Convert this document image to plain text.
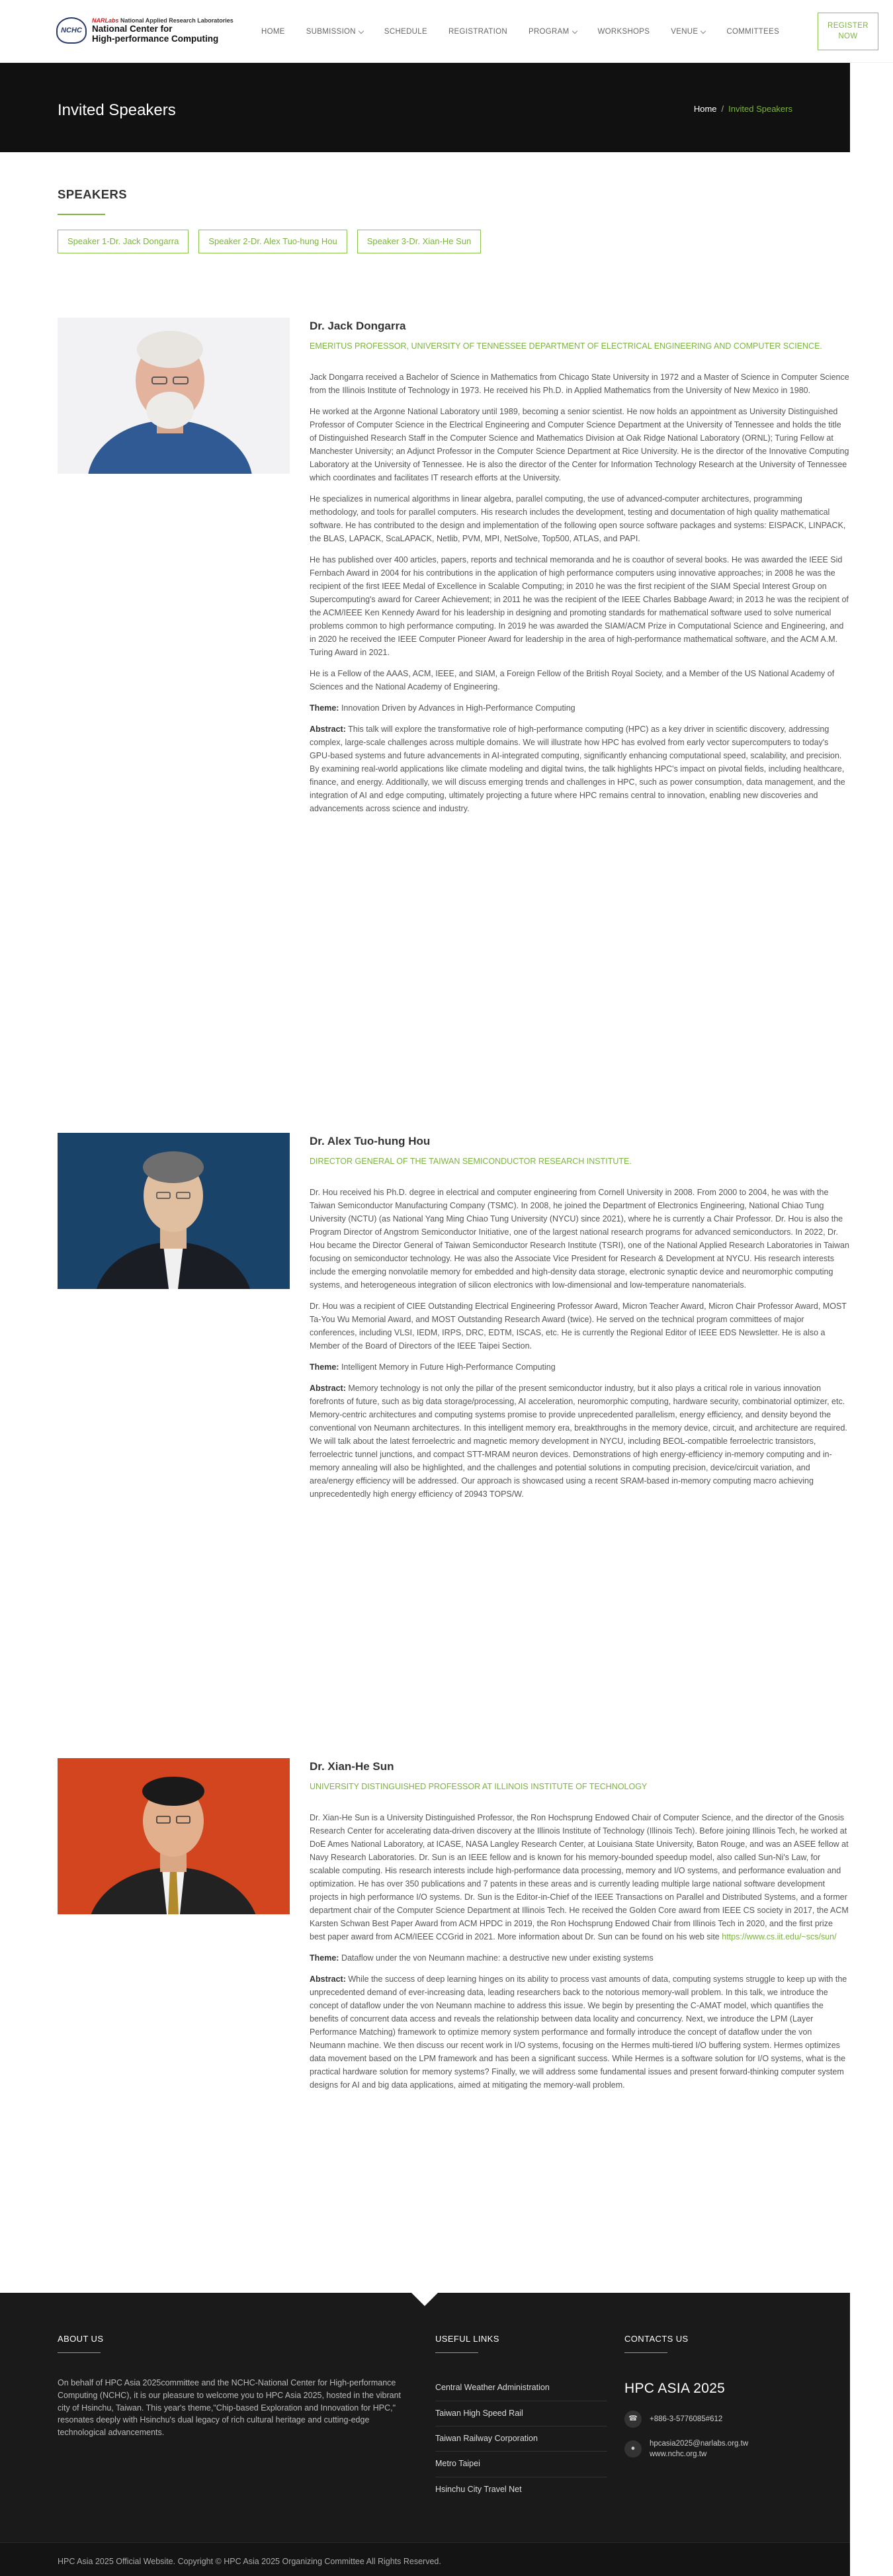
NCHC
NARLabs National Applied Research Laboratories
National Center for
High-performance Computing
HOME	SUBMISSION	SCHEDULE	REGISTRATION	PROGRAM	WORKSHOPS	VENUE	COMMITTEES
REGISTER
NOW
Invited Speakers	Home / Invited Speakers
SPEAKERS
Speaker 1-Dr. Jack Dongarra	Speaker 2-Dr. Alex Tuo-hung Hou	Speaker 3-Dr. Xian-He Sun
Dr. Jack Dongarra
EMERITUS PROFESSOR, UNIVERSITY OF TENNESSEE DEPARTMENT OF ELECTRICAL ENGINEERING AND COMPUTER SCIENCE.

Jack Dongarra received a Bachelor of Science in Mathematics from Chicago State University in 1972 and a Master of Science in Computer Science from the Illinois Institute of Technology in 1973. He received his Ph.D. in Applied Mathematics from the University of New Mexico in 1980.

He worked at the Argonne National Laboratory until 1989, becoming a senior scientist. He now holds an appointment as University Distinguished Professor of Computer Science in the Electrical Engineering and Computer Science Department at the University of Tennessee and holds the title of Distinguished Research Staff in the Computer Science and Mathematics Division at Oak Ridge National Laboratory (ORNL); Turing Fellow at Manchester University; an Adjunct Professor in the Computer Science Department at Rice University. He is the director of the Innovative Computing Laboratory at the University of Tennessee. He is also the director of the Center for Information Technology Research at the University of Tennessee which coordinates and facilitates IT research efforts at the University.

He specializes in numerical algorithms in linear algebra, parallel computing, the use of advanced-computer architectures, programming methodology, and tools for parallel computers. His research includes the development, testing and documentation of high quality mathematical software. He has contributed to the design and implementation of the following open source software packages and systems: EISPACK, LINPACK, the BLAS, LAPACK, ScaLAPACK, Netlib, PVM, MPI, NetSolve, Top500, ATLAS, and PAPI.

He has published over 400 articles, papers, reports and technical memoranda and he is coauthor of several books. He was awarded the IEEE Sid Fernbach Award in 2004 for his contributions in the application of high performance computers using innovative approaches; in 2008 he was the recipient of the first IEEE Medal of Excellence in Scalable Computing; in 2010 he was the first recipient of the SIAM Special Interest Group on Supercomputing's award for Career Achievement; in 2011 he was the recipient of the IEEE Charles Babbage Award; in 2013 he was the recipient of the ACM/IEEE Ken Kennedy Award for his leadership in designing and promoting standards for mathematical software used to solve numerical problems common to high performance computing. In 2019 he was awarded the SIAM/ACM Prize in Computational Science and Engineering, and in 2020 he received the IEEE Computer Pioneer Award for leadership in the area of high-performance mathematical software, and the ACM A.M. Turing Award in 2021.

He is a Fellow of the AAAS, ACM, IEEE, and SIAM, a Foreign Fellow of the British Royal Society, and a Member of the US National Academy of Sciences and the National Academy of Engineering.

Theme: Innovation Driven by Advances in High-Performance Computing

Abstract: This talk will explore the transformative role of high-performance computing (HPC) as a key driver in scientific discovery, addressing complex, large-scale challenges across multiple domains. We will illustrate how HPC has evolved from early vector supercomputers to today's GPU-based systems and future advancements in AI-integrated computing, significantly enhancing computational speed, scalability, and precision. By examining real-world applications like climate modeling and digital twins, the talk highlights HPC's impact on pivotal fields, including healthcare, finance, and energy. Additionally, we will discuss emerging trends and challenges in HPC, such as power consumption, data management, and the integration of AI and edge computing, ultimately projecting a future where HPC remains central to innovation, enabling new discoveries and advancements across science and industry.

Dr. Alex Tuo-hung Hou
DIRECTOR GENERAL OF THE TAIWAN SEMICONDUCTOR RESEARCH INSTITUTE.

Dr. Hou received his Ph.D. degree in electrical and computer engineering from Cornell University in 2008. From 2000 to 2004, he was with the Taiwan Semiconductor Manufacturing Company (TSMC). In 2008, he joined the Department of Electronics Engineering, National Chiao Tung University (NCTU) (as National Yang Ming Chiao Tung University (NYCU) since 2021), where he is currently a Chair Professor. Dr. Hou is also the Program Director of Angstrom Semiconductor Initiative, one of the largest national research programs for advanced semiconductors. In 2022, Dr. Hou became the Director General of Taiwan Semiconductor Research Institute (TSRI), one of the National Applied Research Laboratories in Taiwan focusing on semiconductor technology. He was also the Associate Vice President for Research & Development at NYCU. His research interests include the emerging nonvolatile memory for embedded and high-density data storage, electronic synaptic device and neuromorphic computing systems, and heterogeneous integration of silicon electronics with low-dimensional and low-temperature nanomaterials.

Dr. Hou was a recipient of CIEE Outstanding Electrical Engineering Professor Award, Micron Teacher Award, Micron Chair Professor Award, MOST Ta-You Wu Memorial Award, and MOST Outstanding Research Award (twice). He served on the technical program committees of major conferences, including VLSI, IEDM, IRPS, DRC, EDTM, ISCAS, etc. He is currently the Regional Editor of IEEE EDS Newsletter. He is also a Member of the Board of Directors of the IEEE Taipei Section.

Theme: Intelligent Memory in Future High-Performance Computing

Abstract: Memory technology is not only the pillar of the present semiconductor industry, but it also plays a critical role in various innovation forefronts of future, such as big data storage/processing, AI acceleration, neuromorphic computing, hardware security, combinatorial optimizer, etc. Memory-centric architectures and computing systems promise to provide unprecedented parallelism, energy efficiency, and density beyond the conventional von Neumann architectures. In this intelligent memory era, breakthroughs in the memory device, circuit, and architecture are required. We will talk about the latest ferroelectric and magnetic memory development in NYCU, including BEOL-compatible ferroelectric transistors, ferroelectric tunnel junctions, and compact STT-MRAM neuron devices. Demonstrations of high energy-efficiency in-memory computing and in-memory annealing will also be highlighted, and the challenges and potential solutions in computing precision, device/circuit variation, and area/energy efficiency will be addressed. Our approach is showcased using a recent SRAM-based in-memory computing macro achieving unprecedentedly high energy efficiency of 20943 TOPS/W.

Dr. Xian-He Sun
UNIVERSITY DISTINGUISHED PROFESSOR AT ILLINOIS INSTITUTE OF TECHNOLOGY

Dr. Xian-He Sun is a University Distinguished Professor, the Ron Hochsprung Endowed Chair of Computer Science, and the director of the Gnosis Research Center for accelerating data-driven discovery at the Illinois Institute of Technology (Illinois Tech). Before joining Illinois Tech, he worked at DoE Ames National Laboratory, at ICASE, NASA Langley Research Center, at Louisiana State University, Baton Rouge, and was an ASEE fellow at Navy Research Laboratories. Dr. Sun is an IEEE fellow and is known for his memory-bounded speedup model, also called Sun-Ni's Law, for scalable computing. His research interests include high-performance data processing, memory and I/O systems, and performance evaluation and optimization. He has over 350 publications and 7 patents in these areas and is currently leading multiple large national software development projects in high performance I/O systems. Dr. Sun is the Editor-in-Chief of the IEEE Transactions on Parallel and Distributed Systems, and a former department chair of the Computer Science Department at Illinois Tech. He received the Golden Core award from IEEE CS society in 2017, the ACM Karsten Schwan Best Paper Award from ACM HPDC in 2019, the Ron Hochsprung Endowed Chair from Illinois Tech in 2020, and the first prize best paper award from ACM/IEEE CCGrid in 2021. More information about Dr. Sun can be found on his web site https://www.cs.iit.edu/~scs/sun/

Theme: Dataflow under the von Neumann machine: a destructive new under existing systems

Abstract: While the success of deep learning hinges on its ability to process vast amounts of data, computing systems struggle to keep up with the unprecedented demand of ever-increasing data, leading researchers back to the notorious memory-wall problem. In this talk, we introduce the concept of dataflow under the von Neumann machine to address this issue. We begin by presenting the C-AMAT model, which quantifies the benefits of concurrent data access and reveals the relationship between data locality and concurrency. Next, we introduce the LPM (Layer Performance Matching) framework to optimize memory system performance and formally introduce the concept of dataflow under the von Neumann machine. We then discuss our recent work in I/O systems, focusing on the Hermes multi-tiered I/O buffering system. Hermes optimizes data movement based on the LPM framework and has been a significant success. While Hermes is a software solution for I/O systems, what is the practical hardware solution for memory systems? Finally, we will address some fundamental issues and present forward-thinking computer system designs for AI and big data applications, aimed at mitigating the memory-wall problem.

ABOUT US
On behalf of HPC Asia 2025committee and the NCHC-National Center for High-performance Computing (NCHC), it is our pleasure to welcome you to HPC Asia 2025, hosted in the vibrant city of Hsinchu, Taiwan. This year's theme,"Chip-based Exploration and Innovation for HPC," resonates deeply with Hsinchu's dual legacy of rich cultural heritage and cutting-edge technological advancements.
USEFUL LINKS
Central Weather Administration
Taiwan High Speed Rail
Taiwan Railway Corporation
Metro Taipei
Hsinchu City Travel Net
CONTACTS US
HPC ASIA 2025
☎	+886-3-5776085#612
●
hpcasia2025@narlabs.org.tw
www.nchc.org.tw
HPC Asia 2025 Official Website. Copyright © HPC Asia 2025 Organizing Committee All Rights Reserved.
